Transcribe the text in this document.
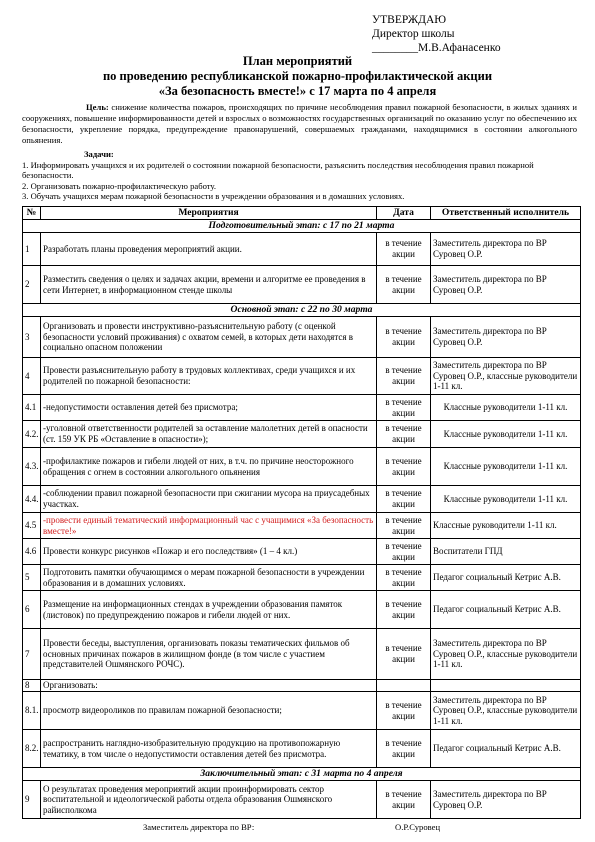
УТВЕРЖДАЮ
Директор школы
________М.В.Афанасенко
План мероприятий
по проведению республиканской пожарно-профилактической акции
«За безопасность вместе!» с 17 марта по 4 апреля
Цель: снижение количества пожаров, происходящих по причине несоблюдения правил пожарной безопасности, в жилых зданиях и сооружениях, повышение информированности детей и взрослых о возможностях государственных организаций по оказанию услуг по обеспечению их безопасности, укрепление порядка, предупреждение правонарушений, совершаемых гражданами, находящимися в состоянии алкогольного опьянения.
Задачи:
1. Информировать учащихся и их родителей о состоянии пожарной безопасности, разъяснить последствия несоблюдения правил пожарной безопасности.
2. Организовать пожарно-профилактическую работу.
3. Обучать учащихся мерам пожарной безопасности в учреждении образования и в домашних условиях.
№	Мероприятия	Дата	Ответственный исполнитель
Подготовительный этап: с 17 по 21 марта			
1	Разработать планы проведения мероприятий акции.	в течение акции	Заместитель директора по ВР Суровец О.Р.
2	Разместить сведения о целях и задачах акции, времени и алгоритме ее проведения в сети Интернет, в информационном стенде школы	в течение акции	Заместитель директора по ВР Суровец О.Р.
Основной этап: с 22 по 30 марта			
3	Организовать и провести инструктивно-разъяснительную работу (с оценкой безопасности условий проживания) с охватом семей, в которых дети находятся в социально опасном положении	в течение акции	Заместитель директора по ВР Суровец О.Р.
4	Провести разъяснительную работу в трудовых коллективах, среди учащихся и их родителей по пожарной безопасности:	в течение акции	Заместитель директора по ВР Суровец О.Р., классные руководители 1-11 кл.
4.1	-недопустимости оставления детей без присмотра;	в течение акции	Классные руководители 1-11 кл.
4.2.	-уголовной ответственности родителей за оставление малолетних детей в опасности (ст. 159 УК РБ «Оставление в опасности»);	в течение акции	Классные руководители 1-11 кл.
4.3.	-профилактике пожаров и гибели людей от них, в т.ч. по причине неосторожного обращения с огнем в состоянии алкогольного опьянения	в течение акции	Классные руководители 1-11 кл.
4.4.	-соблюдении правил пожарной безопасности при сжигании мусора на приусадебных участках.	в течение акции	Классные руководители 1-11 кл.
4.5	-провести единый тематический информационный час с учащимися «За безопасность вместе!»	в течение акции	Классные руководители 1-11 кл.
4.6	Провести конкурс рисунков «Пожар и его последствия» (1 – 4 кл.)	в течение акции	Воспитатели ГПД
5	Подготовить памятки обучающимся о мерам пожарной безопасности в учреждении образования и в домашних условиях.	в течение акции	Педагог социальный Кетрис А.В.
6	Размещение на информационных стендах в учреждении образования памяток (листовок) по предупреждению пожаров и гибели людей от них.	в течение акции	Педагог социальный Кетрис А.В.
7	Провести беседы, выступления, организовать показы тематических фильмов об основных причинах пожаров в жилищном фонде (в том числе с участием представителей Ошмянского РОЧС).	в течение акции	Заместитель директора по ВР Суровец О.Р., классные руководители 1-11 кл.
8	Организовать:		
8.1.	просмотр видеороликов по правилам пожарной безопасности;	в течение акции	Заместитель директора по ВР Суровец О.Р., классные руководители 1-11 кл.
8.2.	распространить наглядно-изобразительную продукцию на противопожарную тематику, в том числе о недопустимости оставления детей без присмотра.	в течение акции	Педагог социальный Кетрис А.В.
Заключительный этап: с 31 марта по 4 апреля			
9	О результатах проведения мероприятий акции проинформировать сектор воспитательной и идеологической работы отдела образования Ошмянского райисполкома	в течение акции	Заместитель директора по ВР Суровец О.Р.
Заместитель директора по ВР:	О.Р.Суровец
